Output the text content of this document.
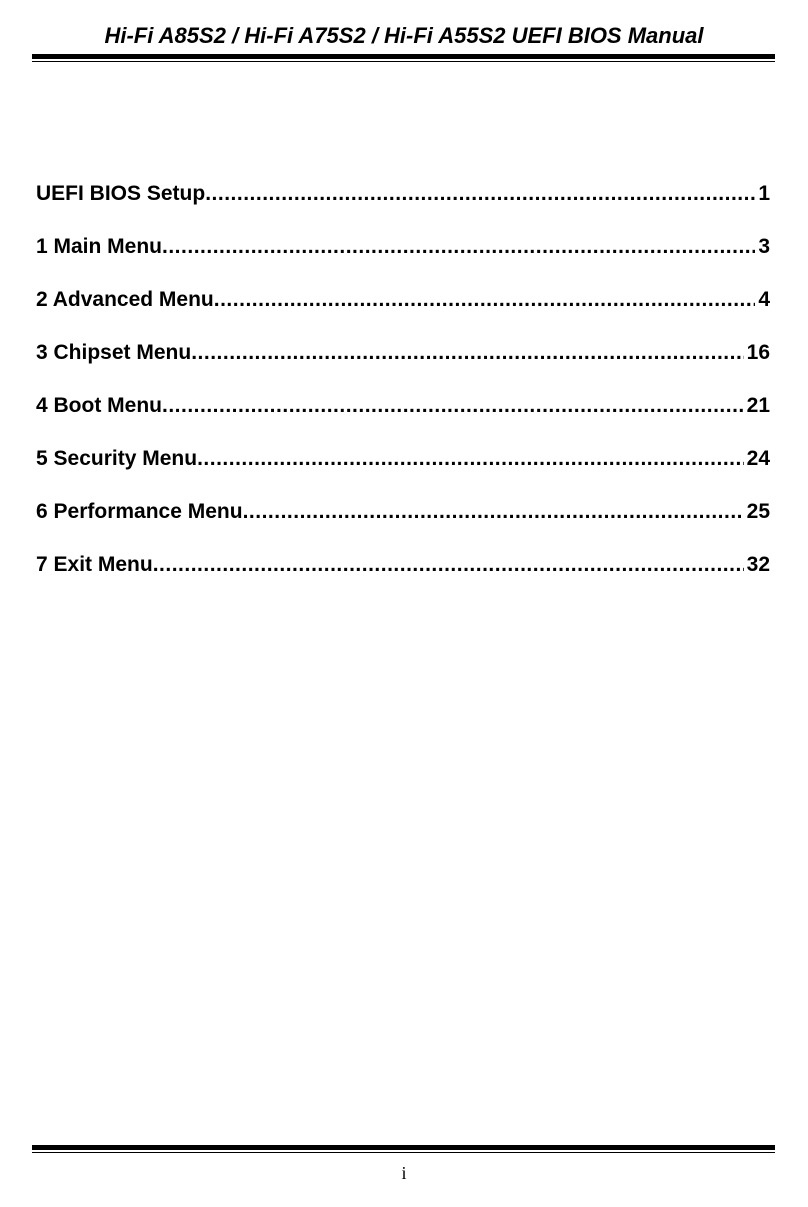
Hi-Fi A85S2 / Hi-Fi A75S2 / Hi-Fi A55S2 UEFI BIOS Manual
UEFI BIOS Setup .....	1
1 Main Menu .....	3
2 Advanced Menu .....	4
3 Chipset Menu .....	16
4 Boot Menu .....	21
5 Security Menu .....	24
6 Performance Menu .....	25
7 Exit Menu .....	32
i
